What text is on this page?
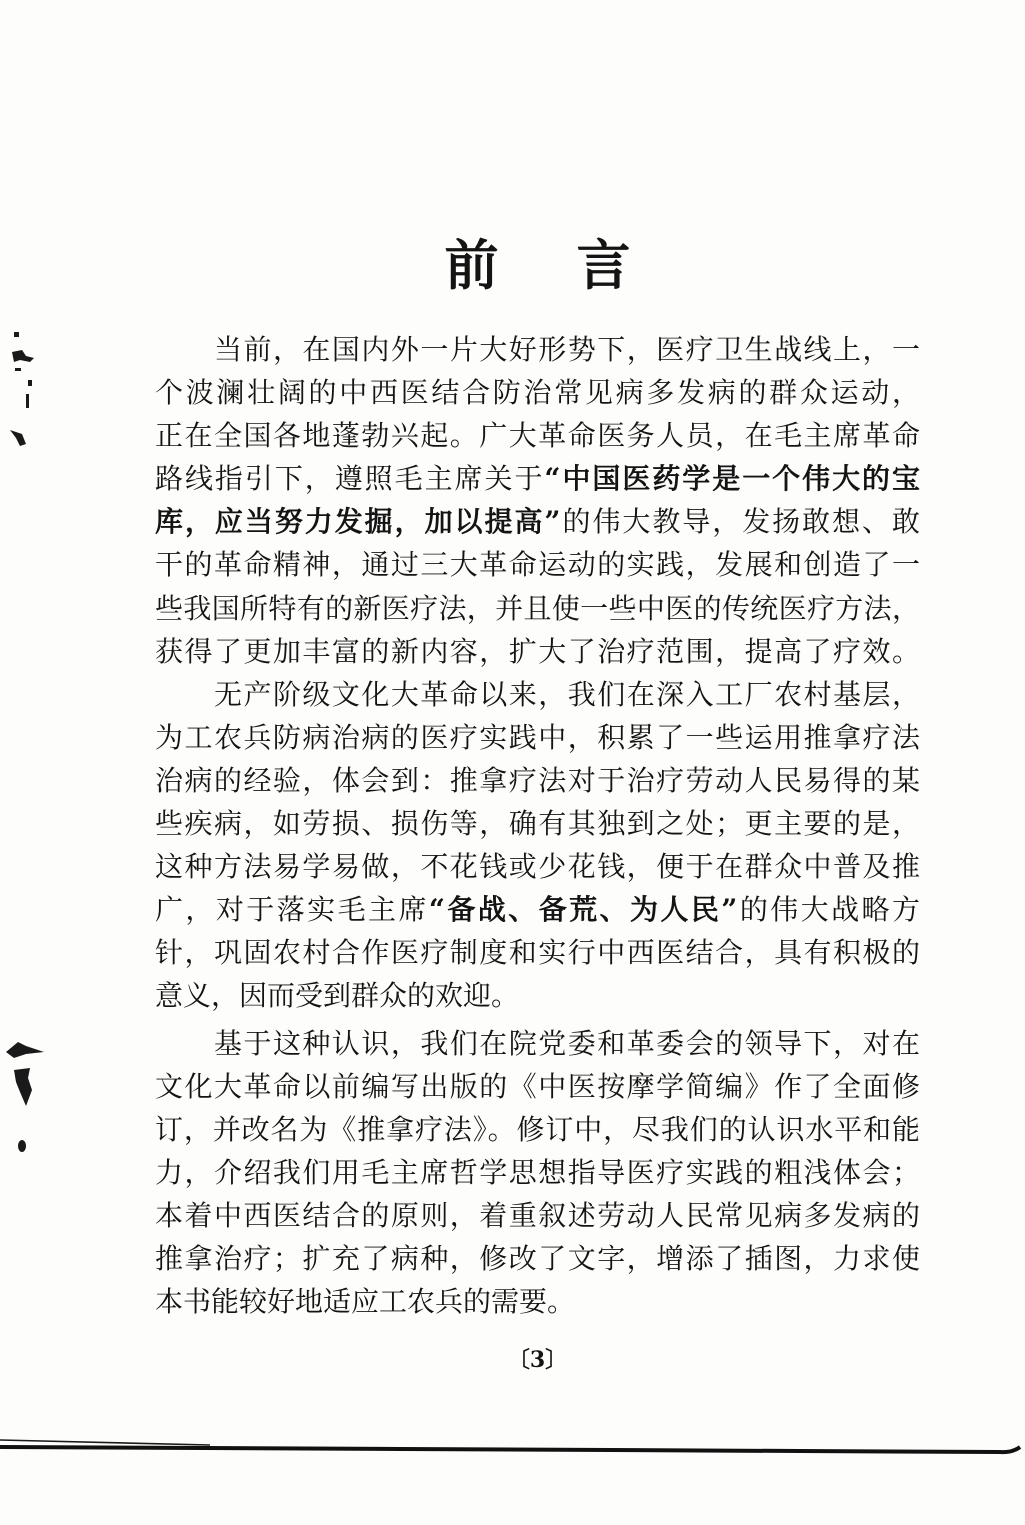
前言
当前，在国内外一片大好形势下，医疗卫生战线上，一
个波澜壮阔的中西医结合防治常见病多发病的群众运动，
正在全国各地蓬勃兴起。广大革命医务人员，在毛主席革命
路线指引下，遵照毛主席关于“中国医药学是一个伟大的宝
库，应当努力发掘，加以提高”的伟大教导，发扬敢想、敢
干的革命精神，通过三大革命运动的实践，发展和创造了一
些我国所特有的新医疗法，并且使一些中医的传统医疗方法，
获得了更加丰富的新内容，扩大了治疗范围，提高了疗效。
无产阶级文化大革命以来，我们在深入工厂农村基层，
为工农兵防病治病的医疗实践中，积累了一些运用推拿疗法
治病的经验，体会到：推拿疗法对于治疗劳动人民易得的某
些疾病，如劳损、损伤等，确有其独到之处；更主要的是，
这种方法易学易做，不花钱或少花钱，便于在群众中普及推
广，对于落实毛主席“备战、备荒、为人民”的伟大战略方
针，巩固农村合作医疗制度和实行中西医结合，具有积极的
意义，因而受到群众的欢迎。
基于这种认识，我们在院党委和革委会的领导下，对在
文化大革命以前编写出版的《中医按摩学简编》作了全面修
订，并改名为《推拿疗法》。修订中，尽我们的认识水平和能
力，介绍我们用毛主席哲学思想指导医疗实践的粗浅体会；
本着中西医结合的原则，着重叙述劳动人民常见病多发病的
推拿治疗；扩充了病种，修改了文字，增添了插图，力求使
本书能较好地适应工农兵的需要。
〔3〕
